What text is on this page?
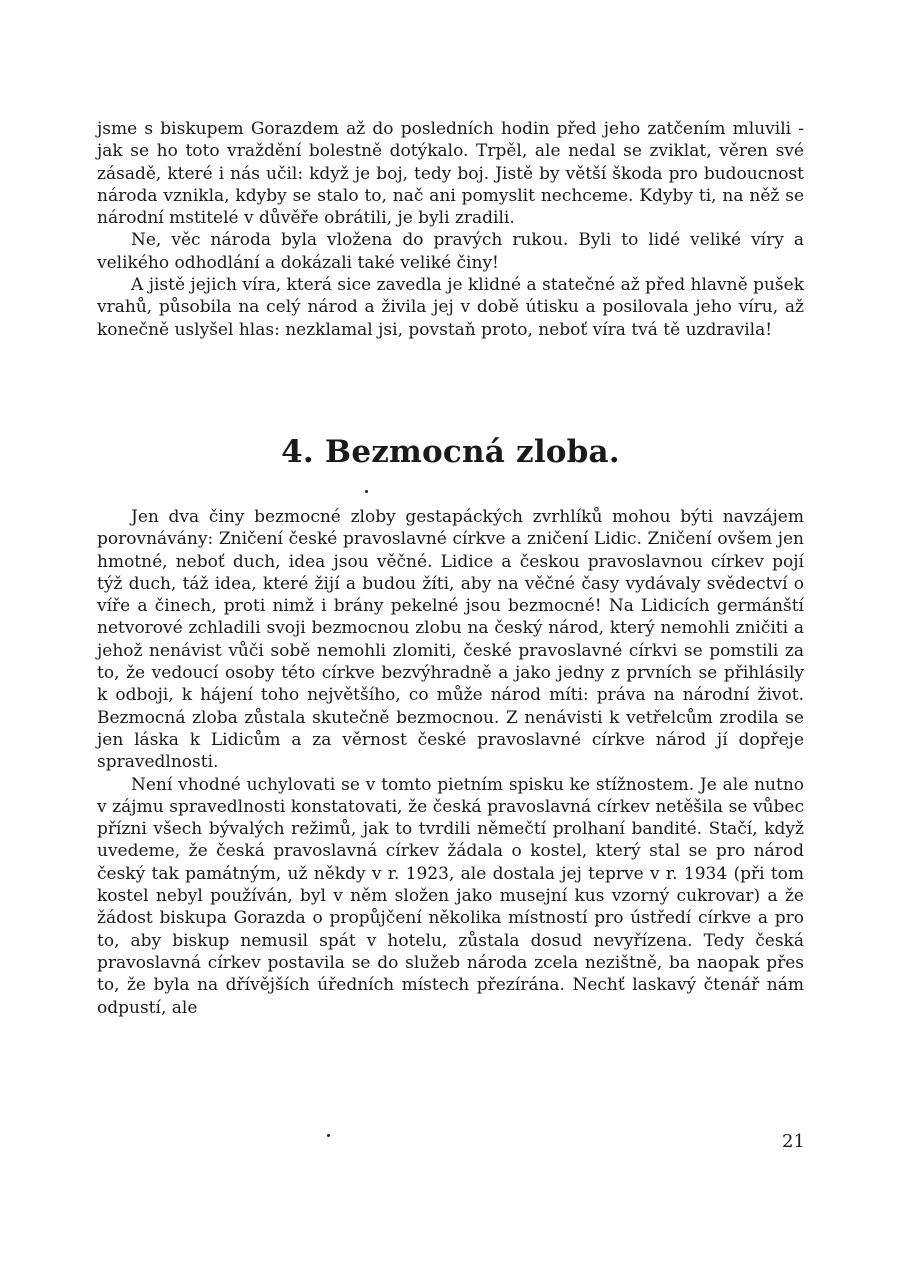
jsme s biskupem Gorazdem až do posledních hodin před jeho zatčením mluvili - jak se ho toto vraždění bolestně dotýkalo. Trpěl, ale nedal se zviklat, věren své zásadě, které i nás učil: když je boj, tedy boj. Jistě by větší škoda pro budoucnost národa vznikla, kdyby se stalo to, nač ani pomyslit nechceme. Kdyby ti, na něž se národní mstitelé v důvěře obrátili, je byli zradili.

Ne, věc národa byla vložena do pravých rukou. Byli to lidé veliké víry a velikého odhodlání a dokázali také veliké činy!

A jistě jejich víra, která sice zavedla je klidné a statečné až před hlavně pušek vrahů, působila na celý národ a živila jej v době útisku a posilovala jeho víru, až konečně uslyšel hlas: nezklamal jsi, povstaň proto, neboť víra tvá tě uzdravila!

4. Bezmocná zloba.

Jen dva činy bezmocné zloby gestapáckých zvrhlíků mohou býti navzájem porovnávány: Zničení české pravoslavné církve a zničení Lidic. Zničení ovšem jen hmotné, neboť duch, idea jsou věčné. Lidice a českou pravoslavnou církev pojí týž duch, táž idea, které žijí a budou žíti, aby na věčné časy vydávaly svědectví o víře a činech, proti nimž i brány pekelné jsou bezmocné! Na Lidicích germánští netvorové zchladili svoji bezmocnou zlobu na český národ, který nemohli zničiti a jehož nenávist vůči sobě nemohli zlomiti, české pravoslavné církvi se pomstili za to, že vedoucí osoby této církve bezvýhradně a jako jedny z prvních se přihlásily k odboji, k hájení toho největšího, co může národ míti: práva na národní život. Bezmocná zloba zůstala skutečně bezmocnou. Z nenávisti k vetřelcům zrodila se jen láska k Lidicům a za věrnost české pravoslavné církve národ jí dopřeje spravedlnosti.

Není vhodné uchylovati se v tomto pietním spisku ke stížnostem. Je ale nutno v zájmu spravedlnosti konstatovati, že česká pravoslavná církev netěšila se vůbec přízni všech bývalých režimů, jak to tvrdili němečtí prolhaní bandité. Stačí, když uvedeme, že česká pravoslavná církev žádala o kostel, který stal se pro národ český tak památným, už někdy v r. 1923, ale dostala jej teprve v r. 1934 (při tom kostel nebyl používán, byl v něm složen jako musejní kus vzorný cukrovar) a že žádost biskupa Gorazda o propůjčení několika místností pro ústředí církve a pro to, aby biskup nemusil spát v hotelu, zůstala dosud nevyřízena. Tedy česká pravoslavná církev postavila se do služeb národa zcela nezištně, ba naopak přes to, že byla na dřívějších úředních místech přezírána. Nechť laskavý čtenář nám odpustí, ale

21
